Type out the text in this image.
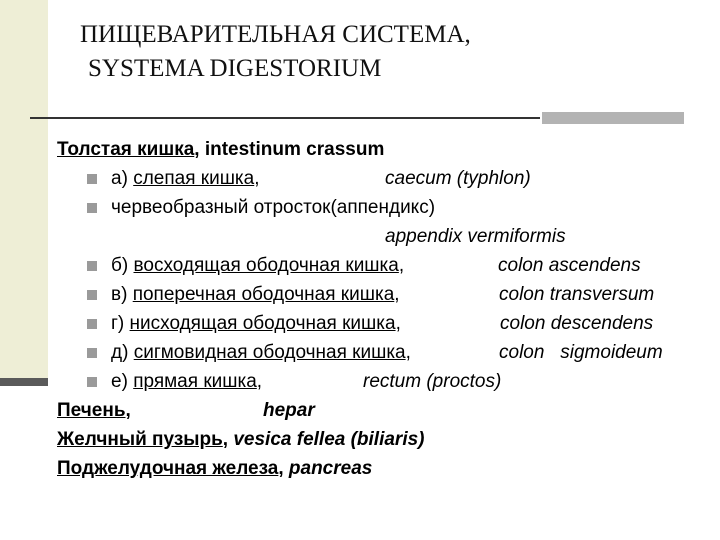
ПИЩЕВАРИТЕЛЬНАЯ СИСТЕМА,
SYSTEMA DIGESTORIUM
Толстая кишка, intestinum crassum
а) слепая кишка,	caecum (typhlon)
червеобразный отросток(аппендикс)
appendix vermiformis
б) восходящая ободочная кишка,	colon ascendens
в) поперечная ободочная кишка,	colon transversum
г) нисходящая ободочная кишка,	colon descendens
д) сигмовидная ободочная кишка,	colon   sigmoideum
е) прямая кишка,	rectum (proctos)
Печень,	hepar
Желчный пузырь, vesica fellea (biliaris)
Поджелудочная железа, pancreas
